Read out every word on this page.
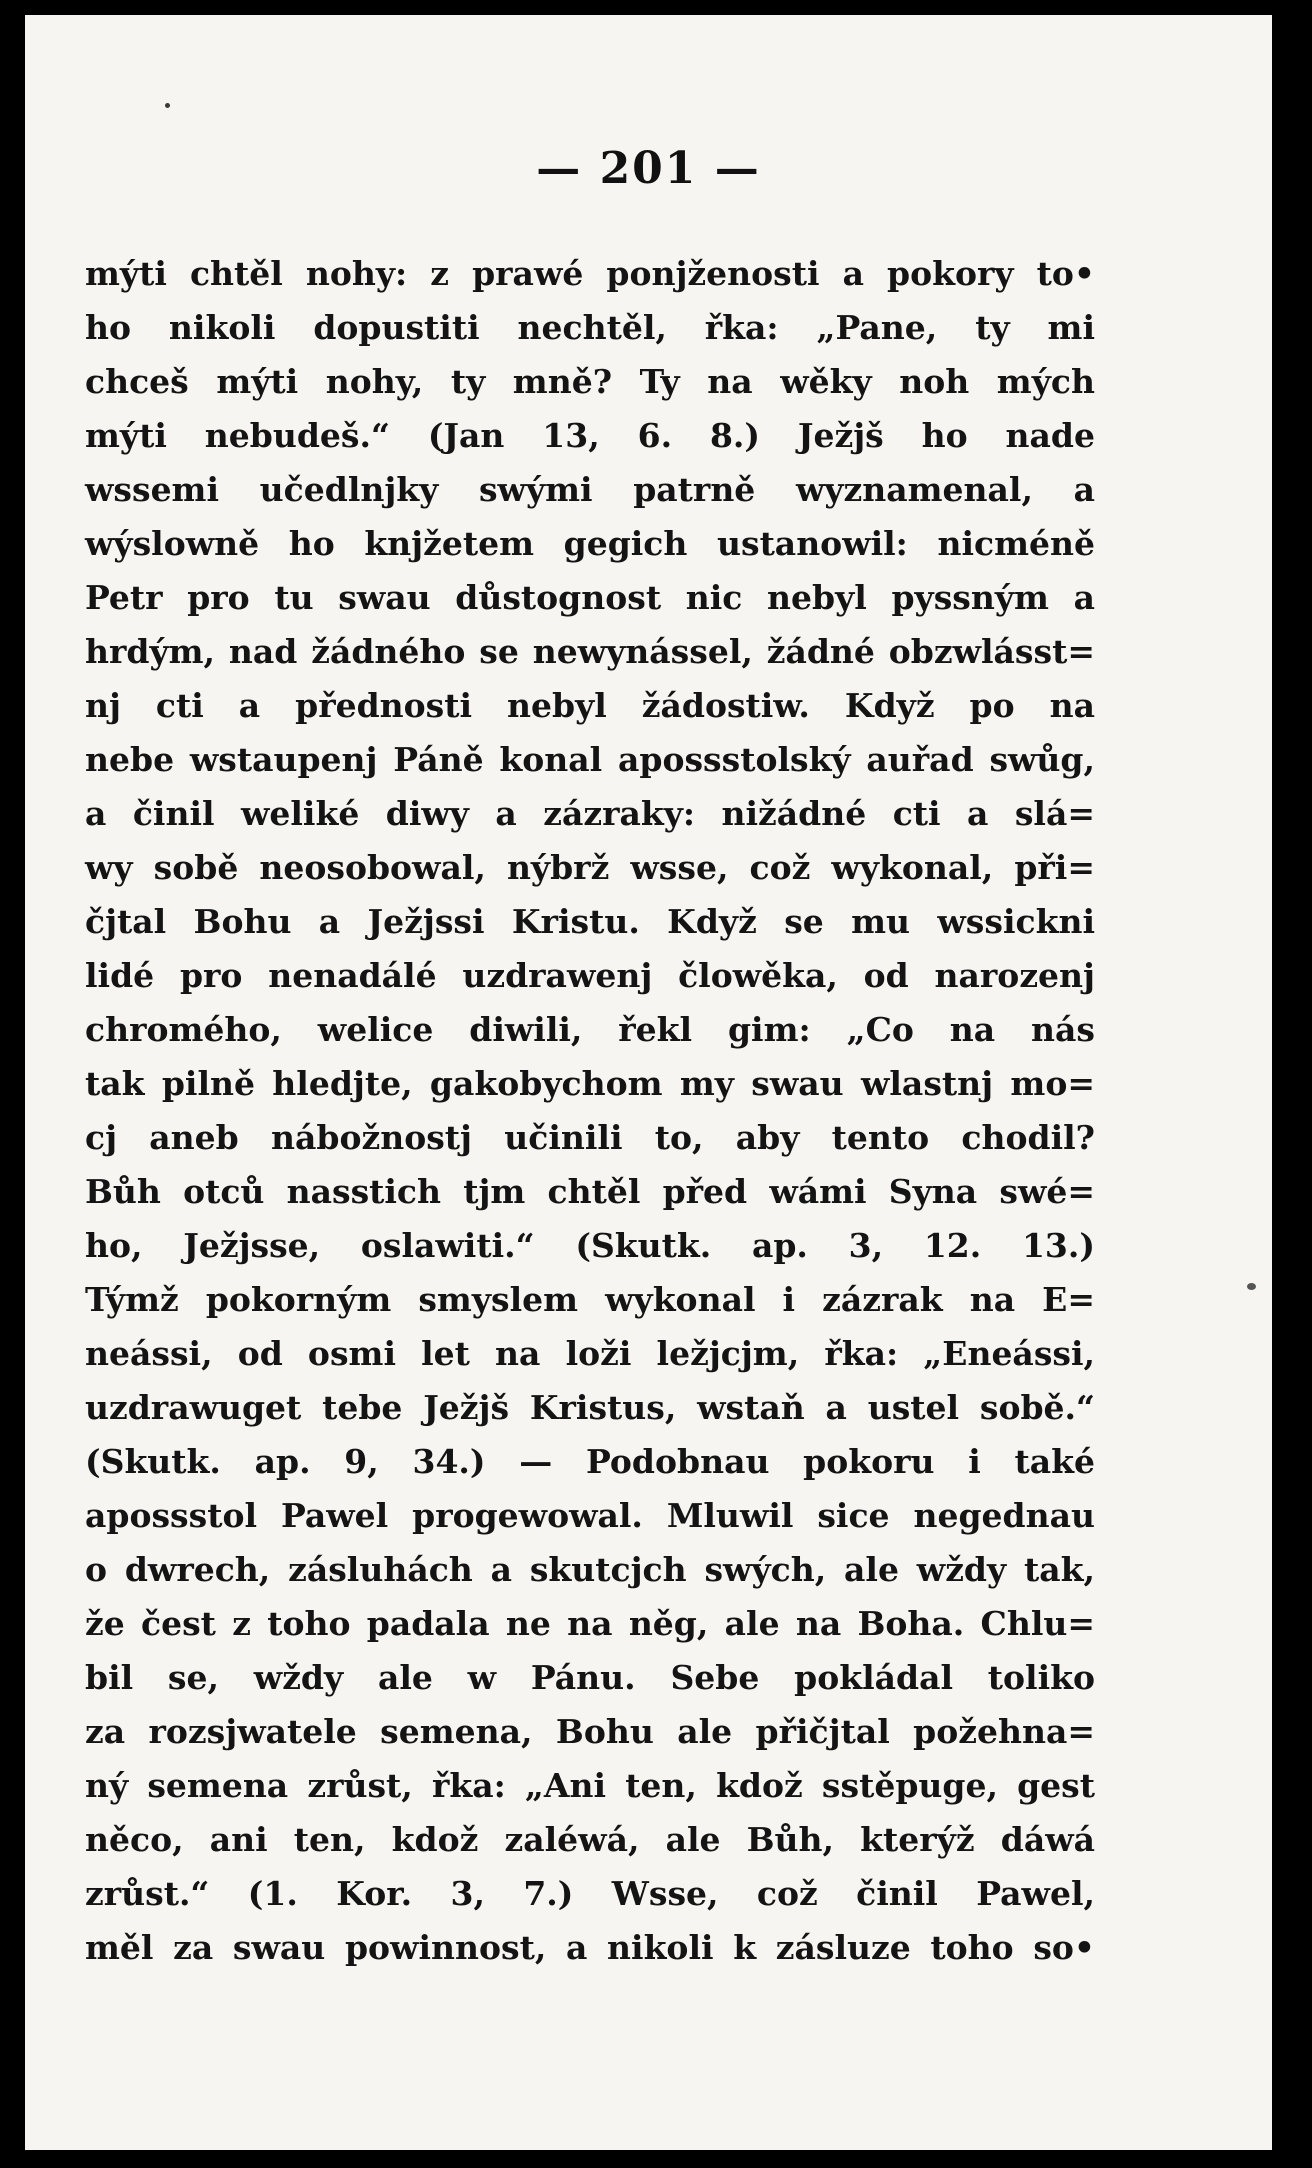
— 201 —
mýti chtěl nohy: z prawé ponjženosti a pokory to•
ho nikoli dopustiti nechtěl, řka: „Pane, ty mi
chceš mýti nohy, ty mně? Ty na wěky noh mých
mýti nebudeš.“ (Jan 13, 6. 8.) Ježjš ho nade
wssemi učedlnjky swými patrně wyznamenal, a
wýslowně ho knjžetem gegich ustanowil: nicméně
Petr pro tu swau důstognost nic nebyl pyssným a
hrdým, nad žádného se newynássel, žádné obzwlásst=
nj cti a přednosti nebyl žádostiw. Když po na
nebe wstaupenj Páně konal apossstolský auřad swůg,
a činil weliké diwy a zázraky: nižádné cti a slá=
wy sobě neosobowal, nýbrž wsse, což wykonal, při=
čjtal Bohu a Ježjssi Kristu. Když se mu wssickni
lidé pro nenadálé uzdrawenj člowěka, od narozenj
chromého, welice diwili, řekl gim: „Co na nás
tak pilně hledjte, gakobychom my swau wlastnj mo=
cj aneb nábožnostj učinili to, aby tento chodil?
Bůh otců nasstich tjm chtěl před wámi Syna swé=
ho, Ježjsse, oslawiti.“ (Skutk. ap. 3, 12. 13.)
Týmž pokorným smyslem wykonal i zázrak na E=
neássi, od osmi let na loži ležjcjm, řka: „Eneássi,
uzdrawuget tebe Ježjš Kristus, wstaň a ustel sobě.“
(Skutk. ap. 9, 34.) — Podobnau pokoru i také
apossstol Pawel progewowal. Mluwil sice negednau
o dwrech, zásluhách a skutcjch swých, ale wždy tak,
že čest z toho padala ne na něg, ale na Boha. Chlu=
bil se, wždy ale w Pánu. Sebe pokládal toliko
za rozsjwatele semena, Bohu ale přičjtal požehna=
ný semena zrůst, řka: „Ani ten, kdož sstěpuge, gest
něco, ani ten, kdož zaléwá, ale Bůh, kterýž dáwá
zrůst.“ (1. Kor. 3, 7.) Wsse, což činil Pawel,
měl za swau powinnost, a nikoli k zásluze toho so•
